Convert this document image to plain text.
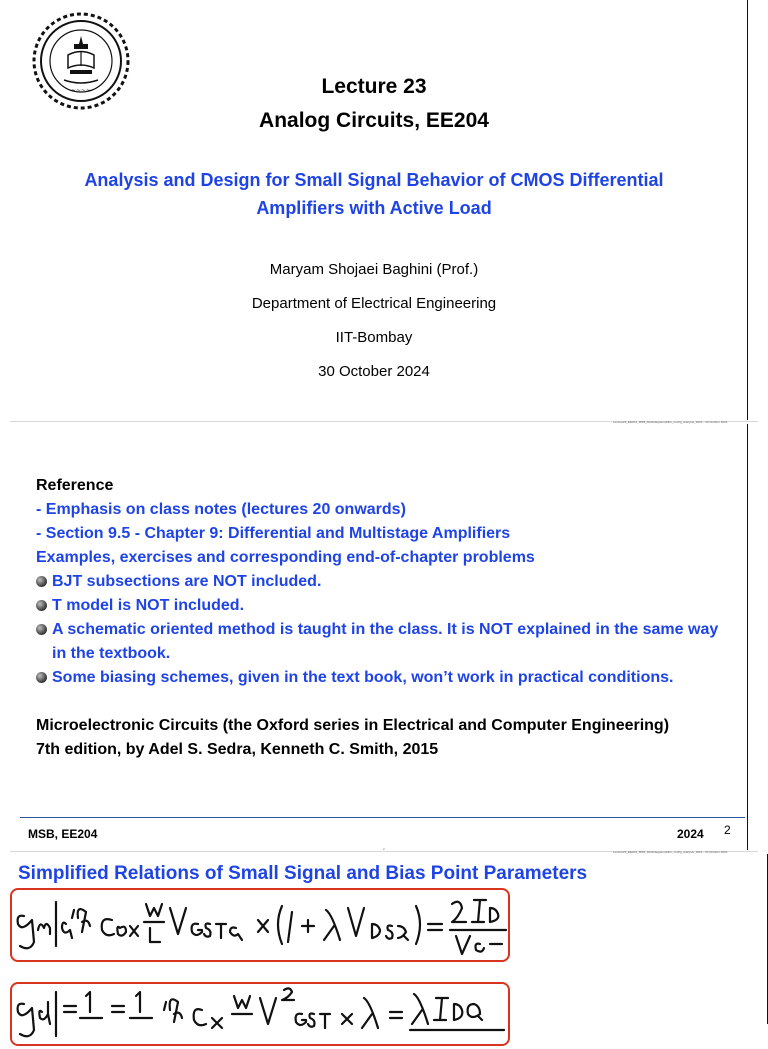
~~~~	Lecture 23
Analog Circuits, EE204
Analysis and Design for Small Signal Behavior of CMOS Differential Amplifiers with Active Load
Maryam Shojaei Baghini (Prof.)
Department of Electrical Engineering
IIT-Bombay
30 October 2024
Lecture23_EE204_MSB_Multistageamplifier_config_analysis_2024 - 30 October 2024
Reference
- Emphasis on class notes (lectures 20 onwards)
- Section 9.5 - Chapter 9: Differential and Multistage Amplifiers
Examples, exercises and corresponding end-of-chapter problems
BJT subsections are NOT included.
T model is NOT included.
A schematic oriented method is taught in the class. It is NOT explained in the same way in the textbook.
Some biasing schemes, given in the text book, won’t work in practical conditions.
Microelectronic Circuits (the Oxford series in Electrical and Computer Engineering)
7th edition, by Adel S. Sedra, Kenneth C. Smith, 2015
MSB, EE204	2024 2
2
Lecture23_EE204_MSB_Multistageamplifier_config_analysis_2024 - 30 October 2024
Simplified Relations of Small Signal and Bias Point Parameters
